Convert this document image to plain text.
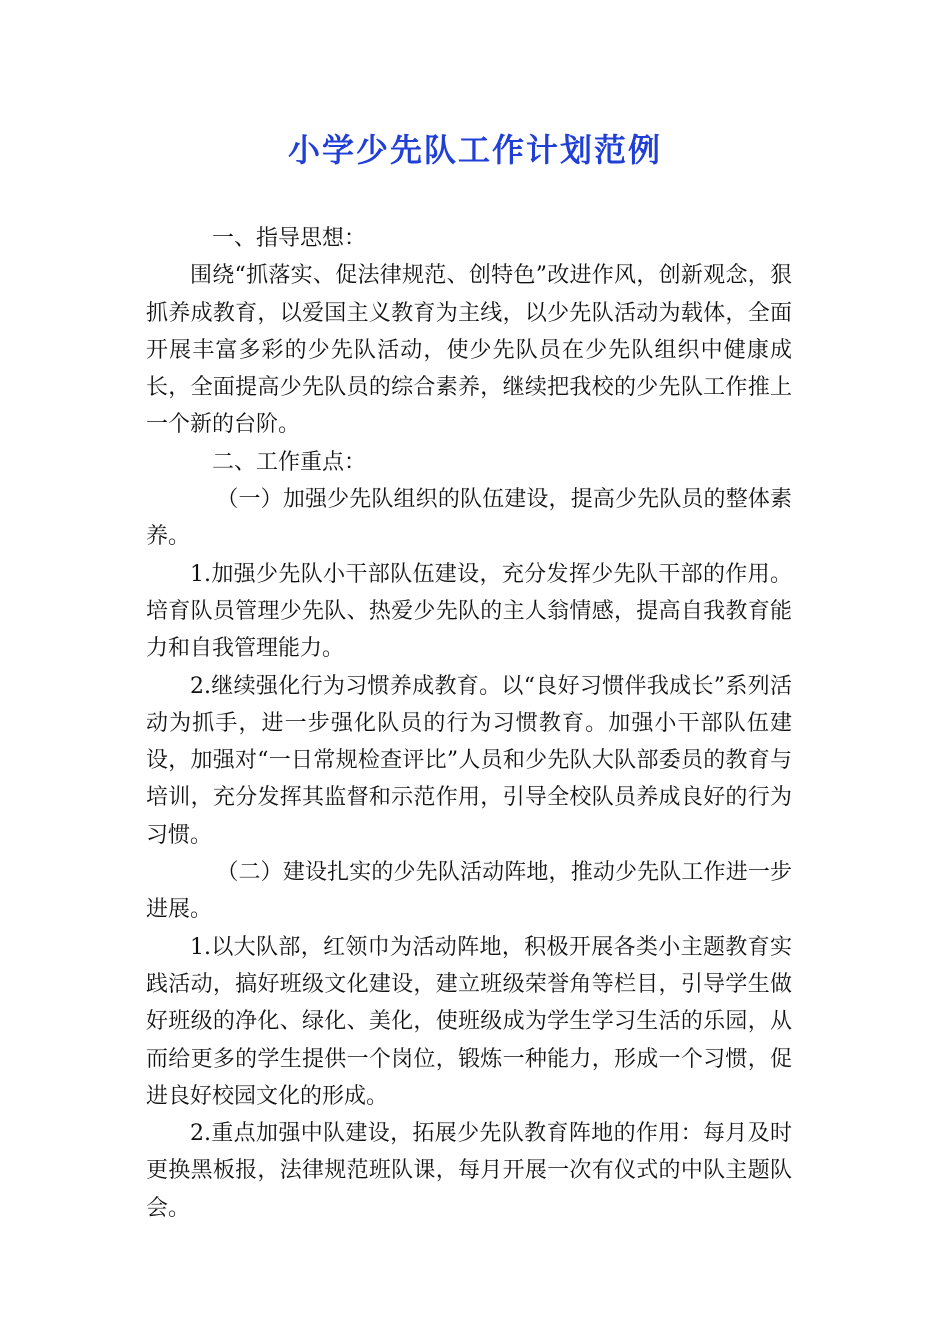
小学少先队工作计划范例

一、指导思想：

围绕“抓落实、促法律规范、创特色”改进作风，创新观念，狠抓养成教育，以爱国主义教育为主线，以少先队活动为载体，全面开展丰富多彩的少先队活动，使少先队员在少先队组织中健康成长，全面提高少先队员的综合素养，继续把我校的少先队工作推上一个新的台阶。

二、工作重点：

（一）加强少先队组织的队伍建设，提高少先队员的整体素养。

1.加强少先队小干部队伍建设，充分发挥少先队干部的作用。培育队员管理少先队、热爱少先队的主人翁情感，提高自我教育能力和自我管理能力。

2.继续强化行为习惯养成教育。以“良好习惯伴我成长”系列活动为抓手，进一步强化队员的行为习惯教育。加强小干部队伍建设，加强对“一日常规检查评比”人员和少先队大队部委员的教育与培训，充分发挥其监督和示范作用，引导全校队员养成良好的行为习惯。

（二）建设扎实的少先队活动阵地，推动少先队工作进一步进展。

1.以大队部，红领巾为活动阵地，积极开展各类小主题教育实践活动，搞好班级文化建设，建立班级荣誉角等栏目，引导学生做好班级的净化、绿化、美化，使班级成为学生学习生活的乐园，从而给更多的学生提供一个岗位，锻炼一种能力，形成一个习惯，促进良好校园文化的形成。

2.重点加强中队建设，拓展少先队教育阵地的作用：每月及时更换黑板报，法律规范班队课，每月开展一次有仪式的中队主题队会。
